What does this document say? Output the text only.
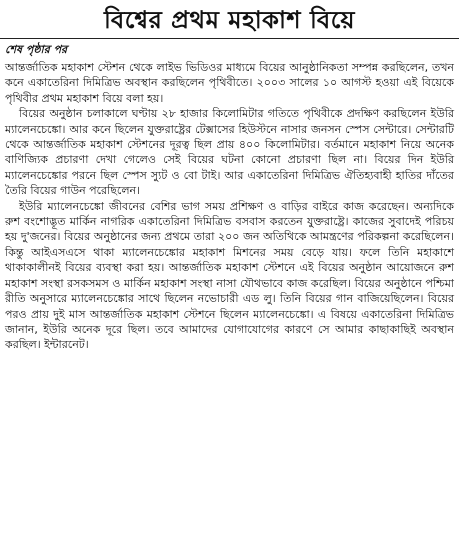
বিশ্বের প্রথম মহাকাশ বিয়ে
শেষ পৃষ্ঠার পর

আন্তর্জাতিক মহাকাশ স্টেশন থেকে লাইভ ভিডিওর মাধ্যমে বিয়ের আনুষ্ঠানিকতা সম্পন্ন করছিলেন, তখন কনে একাতেরিনা দিমিত্রিভ অবস্থান করছিলেন পৃথিবীতে। ২০০৩ সালের ১০ আগস্ট হওয়া এই বিয়েকে পৃথিবীর প্রথম মহাকাশ বিয়ে বলা হয়।

বিয়ের অনুষ্ঠান চলাকালে ঘণ্টায় ২৮ হাজার কিলোমিটার গতিতে পৃথিবীকে প্রদক্ষিণ করছিলেন ইউরি ম্যালেনচেঙ্কো। আর কনে ছিলেন যুক্তরাষ্ট্রের টেক্সাসের হিউস্টনে নাসার জনসন স্পেস সেন্টারে। সেন্টারটি থেকে আন্তর্জাতিক মহাকাশ স্টেশনের দূরত্ব ছিল প্রায় ৪০০ কিলোমিটার। বর্তমানে মহাকাশ নিয়ে অনেক বাণিজ্যিক প্রচারণা দেখা গেলেও সেই বিয়ের ঘটনা কোনো প্রচারণা ছিল না। বিয়ের দিন ইউরি ম্যালেনচেঙ্কোর পরনে ছিল স্পেস স্যুট ও বো টাই। আর একাতেরিনা দিমিত্রিভ ঐতিহ্যবাহী হাতির দাঁতের তৈরি বিয়ের গাউন পরেছিলেন।

ইউরি ম্যালেনচেঙ্কো জীবনের বেশির ভাগ সময় প্রশিক্ষণ ও বাড়ির বাইরে কাজ করেছেন। অন্যদিকে রুশ বংশোদ্ভূত মার্কিন নাগরিক একাতেরিনা দিমিত্রিভ বসবাস করতেন যুক্তরাষ্ট্রে। কাজের সুবাদেই পরিচয় হয় দু'জনের। বিয়ের অনুষ্ঠানের জন্য প্রথমে তারা ২০০ জন অতিথিকে আমন্ত্রণের পরিকল্পনা করেছিলেন। কিন্তু আইএসএসে থাকা ম্যালেনচেঙ্কোর মহাকাশ মিশনের সময় বেড়ে যায়। ফলে তিনি মহাকাশে থাকাকালীনই বিয়ের ব্যবস্থা করা হয়। আন্তর্জাতিক মহাকাশ স্টেশনে এই বিয়ের অনুষ্ঠান আয়োজনে রুশ মহাকাশ সংস্থা রসকসমস ও মার্কিন মহাকাশ সংস্থা নাসা যৌথভাবে কাজ করেছিল। বিয়ের অনুষ্ঠানে পশ্চিমা রীতি অনুসারে ম্যালেনচেঙ্কোর সাথে ছিলেন নভোচারী এড লু। তিনি বিয়ের গান বাজিয়েছিলেন। বিয়ের পরও প্রায় দুই মাস আন্তর্জাতিক মহাকাশ স্টেশনে ছিলেন ম্যালেনচেঙ্কো। এ বিষয়ে একাতেরিনা দিমিত্রিভ জানান, ইউরি অনেক দূরে ছিল। তবে আমাদের যোগাযোগের কারণে সে আমার কাছাকাছিই অবস্থান করছিল। ইন্টারনেট।
